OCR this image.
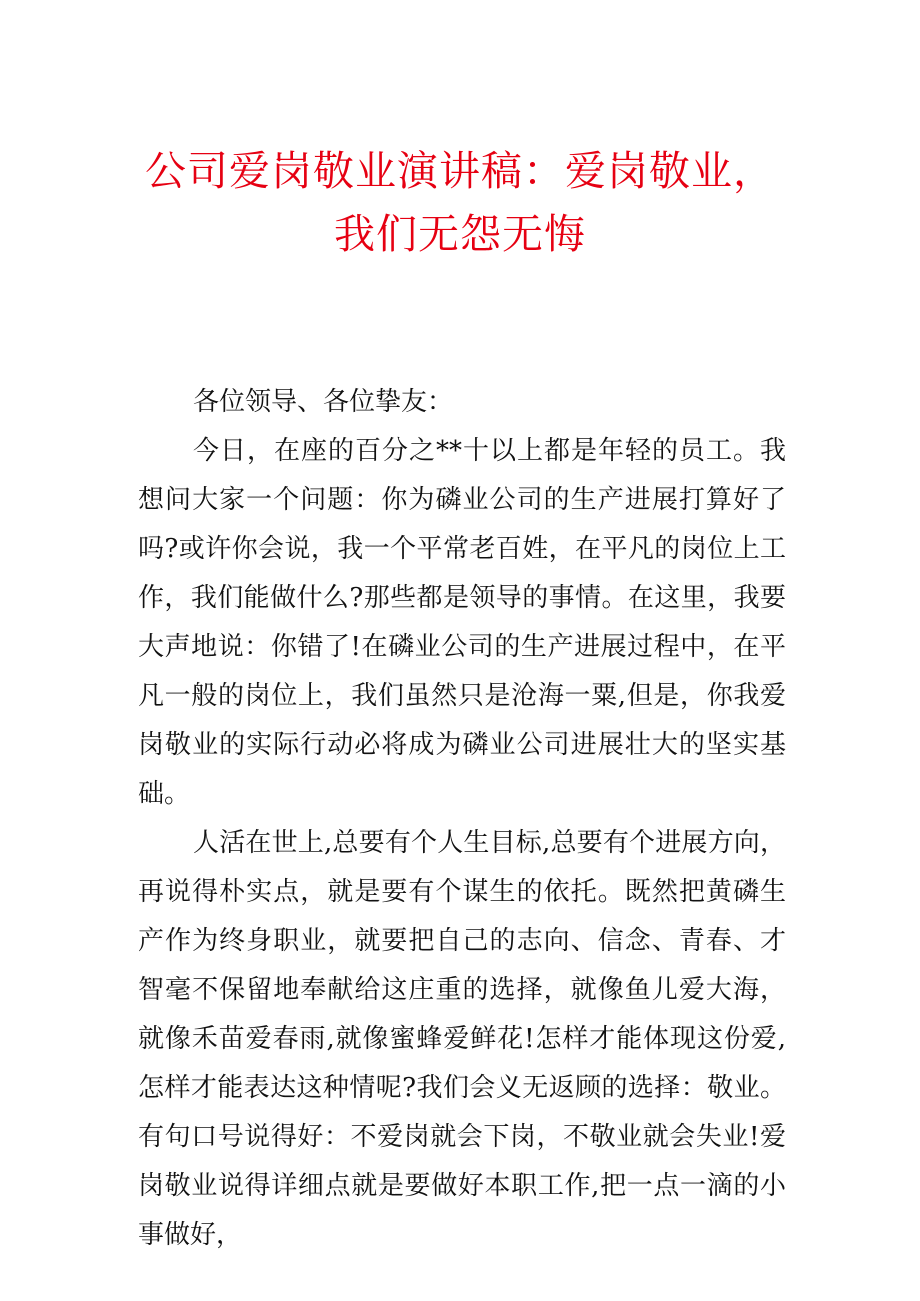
公司爱岗敬业演讲稿：爱岗敬业，我们无怨无悔

各位领导、各位挚友：

今日，在座的百分之**十以上都是年轻的员工。我想问大家一个问题：你为磷业公司的生产进展打算好了吗?或许你会说，我一个平常老百姓，在平凡的岗位上工作，我们能做什么?那些都是领导的事情。在这里，我要大声地说：你错了!在磷业公司的生产进展过程中，在平凡一般的岗位上，我们虽然只是沧海一粟,但是，你我爱岗敬业的实际行动必将成为磷业公司进展壮大的坚实基础。

人活在世上,总要有个人生目标,总要有个进展方向，再说得朴实点，就是要有个谋生的依托。既然把黄磷生产作为终身职业，就要把自己的志向、信念、青春、才智毫不保留地奉献给这庄重的选择，就像鱼儿爱大海，就像禾苗爱春雨,就像蜜蜂爱鲜花!怎样才能体现这份爱,怎样才能表达这种情呢?我们会义无返顾的选择：敬业。有句口号说得好：不爱岗就会下岗，不敬业就会失业!爱岗敬业说得详细点就是要做好本职工作,把一点一滴的小事做好，
